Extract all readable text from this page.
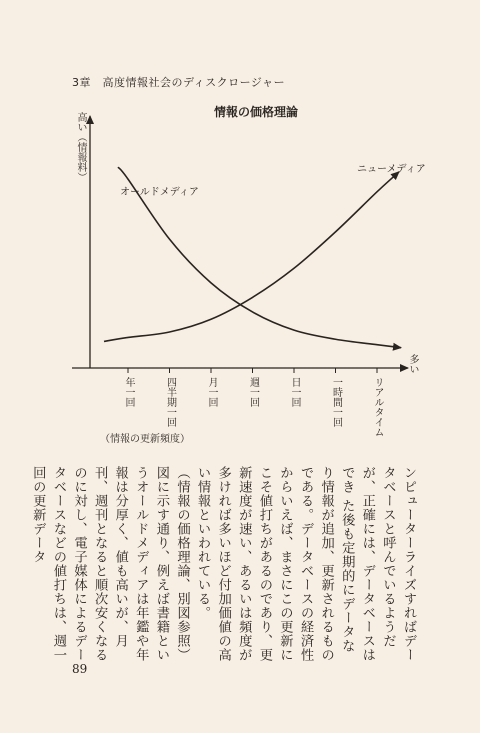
3章　高度情報社会のディスクロージャー
情報の価格理論
高い（情報料）
多い
オールドメディア
ニューメディア
年一回	四半期一回	月一回	週一回	日一回	一時間一回	リアルタイム
（情報の更新頻度）

ンピューターライズすればデータベースと呼んでいるようだが、正確には、データベースはでき た後も定期的にデータなり情報が追加、更新されるものである。データベースの経済性からいえば、まさにこの更新にこそ値打ちがあるのであり、更新速度が速い、あるいは頻度が多ければ多いほど付加価値の高い情報といわれている。

（情報の価格理論、別図参照）図に示す通り、例えば書籍というオールドメディアは年鑑や年報は分厚く、値も高いが、月刊、週刊となると順次安くなるのに対し、電子媒体によるデータベースなどの値打ちは、週一回の更新データ

89
